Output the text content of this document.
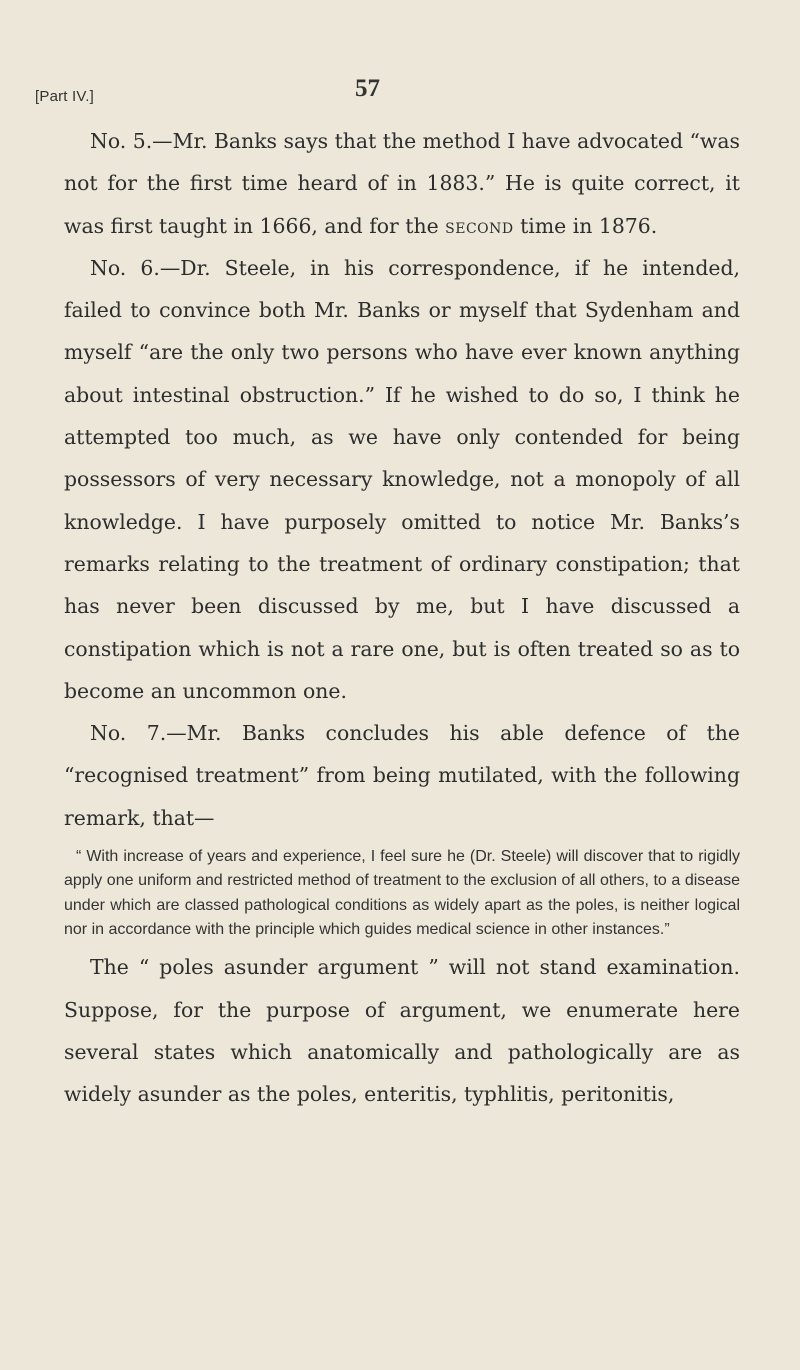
[Part IV.]	57

No. 5.—Mr. Banks says that the method I have advocated “was not for the first time heard of in 1883.” He is quite correct, it was first taught in 1666, and for the second time in 1876.

No. 6.—Dr. Steele, in his correspondence, if he intended, failed to convince both Mr. Banks or myself that Sydenham and myself “are the only two persons who have ever known anything about intestinal obstruction.” If he wished to do so, I think he attempted too much, as we have only contended for being possessors of very necessary knowledge, not a monopoly of all knowledge. I have purposely omitted to notice Mr. Banks’s remarks relating to the treatment of ordinary constipation; that has never been discussed by me, but I have discussed a constipation which is not a rare one, but is often treated so as to become an uncommon one.

No. 7.—Mr. Banks concludes his able defence of the “recognised treatment” from being mutilated, with the following remark, that—

“ With increase of years and experience, I feel sure he (Dr. Steele) will discover that to rigidly apply one uniform and restricted method of treatment to the exclusion of all others, to a disease under which are classed pathological conditions as widely apart as the poles, is neither logical nor in accordance with the principle which guides medical science in other instances.”

The “ poles asunder argument ” will not stand examination. Suppose, for the purpose of argument, we enumerate here several states which anatomically and pathologically are as widely asunder as the poles, enteritis, typhlitis, peritonitis,
